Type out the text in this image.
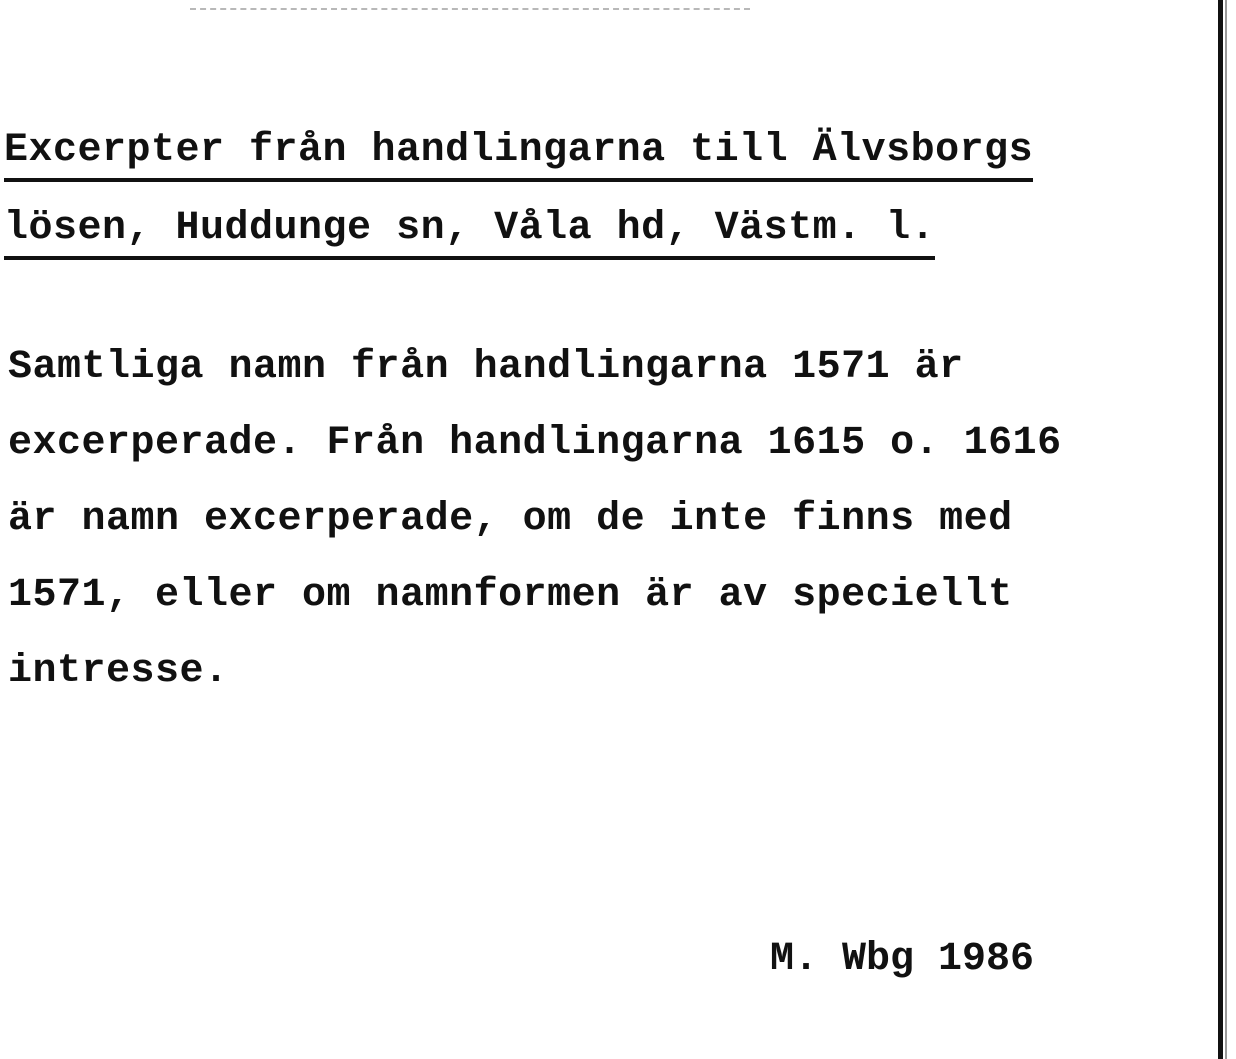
Excerpter från handlingarna till Älvsborgs
lösen, Huddunge sn, Våla hd, Västm. l.

Samtliga namn från handlingarna 1571 är
excerperade. Från handlingarna 1615 o. 1616
är namn excerperade, om de inte finns med
1571, eller om namnformen är av speciellt
intresse.

M. Wbg 1986
